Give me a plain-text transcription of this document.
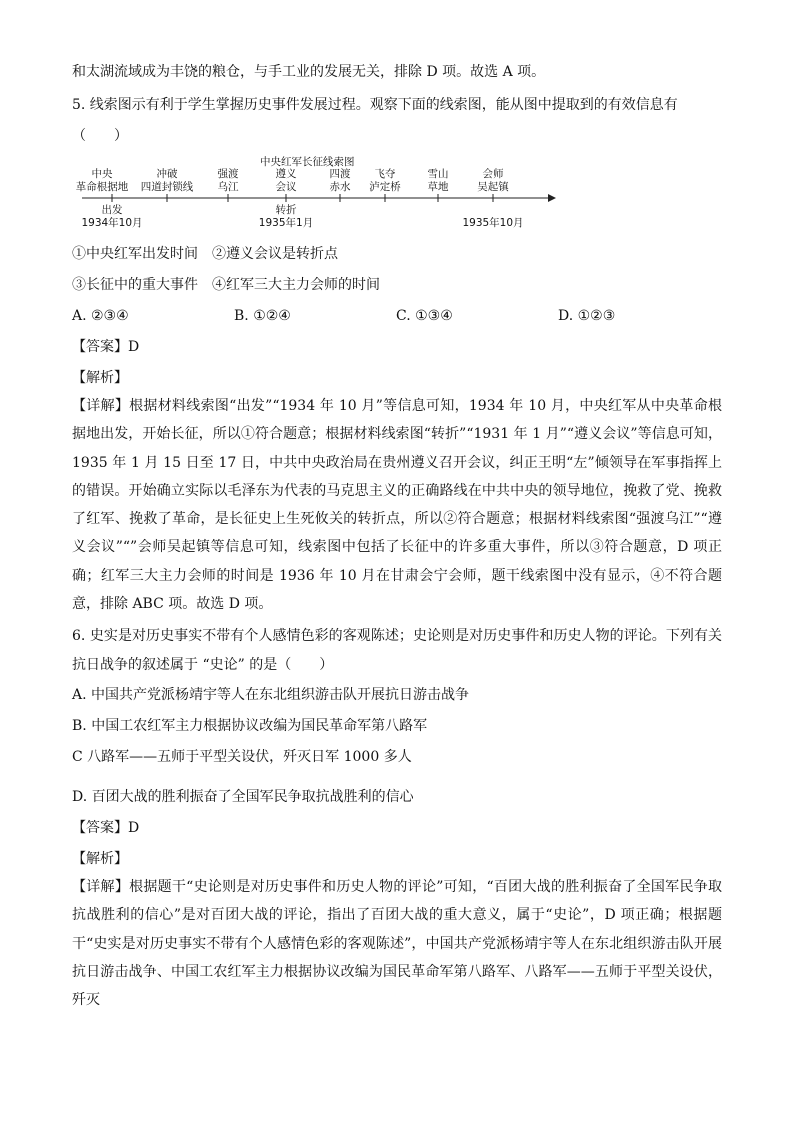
和太湖流域成为丰饶的粮仓，与手工业的发展无关，排除 D 项。故选 A 项。

5. 线索图示有利于学生掌握历史事件发展过程。观察下面的线索图，能从图中提取到的有效信息有

（　　）

中央红军长征线索图
中央
革命根据地
冲破
四道封锁线
强渡
乌江
遵义
会议
四渡
赤水
飞夺
泸定桥
雪山
草地
会师
吴起镇
出发
1934年10月
转折
1935年1月	1935年10月

①中央红军出发时间　②遵义会议是转折点

③长征中的重大事件　④红军三大主力会师的时间

A. ②③④	B. ①②④	C. ①③④	D. ①②③

【答案】D

【解析】

【详解】根据材料线索图“出发”“1934 年 10 月”等信息可知，1934 年 10 月，中央红军从中央革命根据地出发，开始长征，所以①符合题意；根据材料线索图“转折”“1931 年 1 月”“遵义会议”等信息可知，1935 年 1 月 15 日至 17 日，中共中央政治局在贵州遵义召开会议，纠正王明“左”倾领导在军事指挥上的错误。开始确立实际以毛泽东为代表的马克思主义的正确路线在中共中央的领导地位，挽救了党、挽救了红军、挽救了革命，是长征史上生死攸关的转折点，所以②符合题意；根据材料线索图“强渡乌江”“遵义会议”“”会师吴起镇等信息可知，线索图中包括了长征中的许多重大事件，所以③符合题意，D 项正确；红军三大主力会师的时间是 1936 年 10 月在甘肃会宁会师，题干线索图中没有显示，④不符合题意，排除 ABC 项。故选 D 项。

6. 史实是对历史事实不带有个人感情色彩的客观陈述；史论则是对历史事件和历史人物的评论。下列有关抗日战争的叙述属于 “史论” 的是（　　）

A. 中国共产党派杨靖宇等人在东北组织游击队开展抗日游击战争

B. 中国工农红军主力根据协议改编为国民革命军第八路军

C 八路军——五师于平型关设伏，歼灭日军 1000 多人

D. 百团大战的胜利振奋了全国军民争取抗战胜利的信心

【答案】D

【解析】

【详解】根据题干“史论则是对历史事件和历史人物的评论”可知，“百团大战的胜利振奋了全国军民争取抗战胜利的信心”是对百团大战的评论，指出了百团大战的重大意义，属于“史论”，D 项正确；根据题干“史实是对历史事实不带有个人感情色彩的客观陈述”，中国共产党派杨靖宇等人在东北组织游击队开展抗日游击战争、中国工农红军主力根据协议改编为国民革命军第八路军、八路军——五师于平型关设伏，歼灭
